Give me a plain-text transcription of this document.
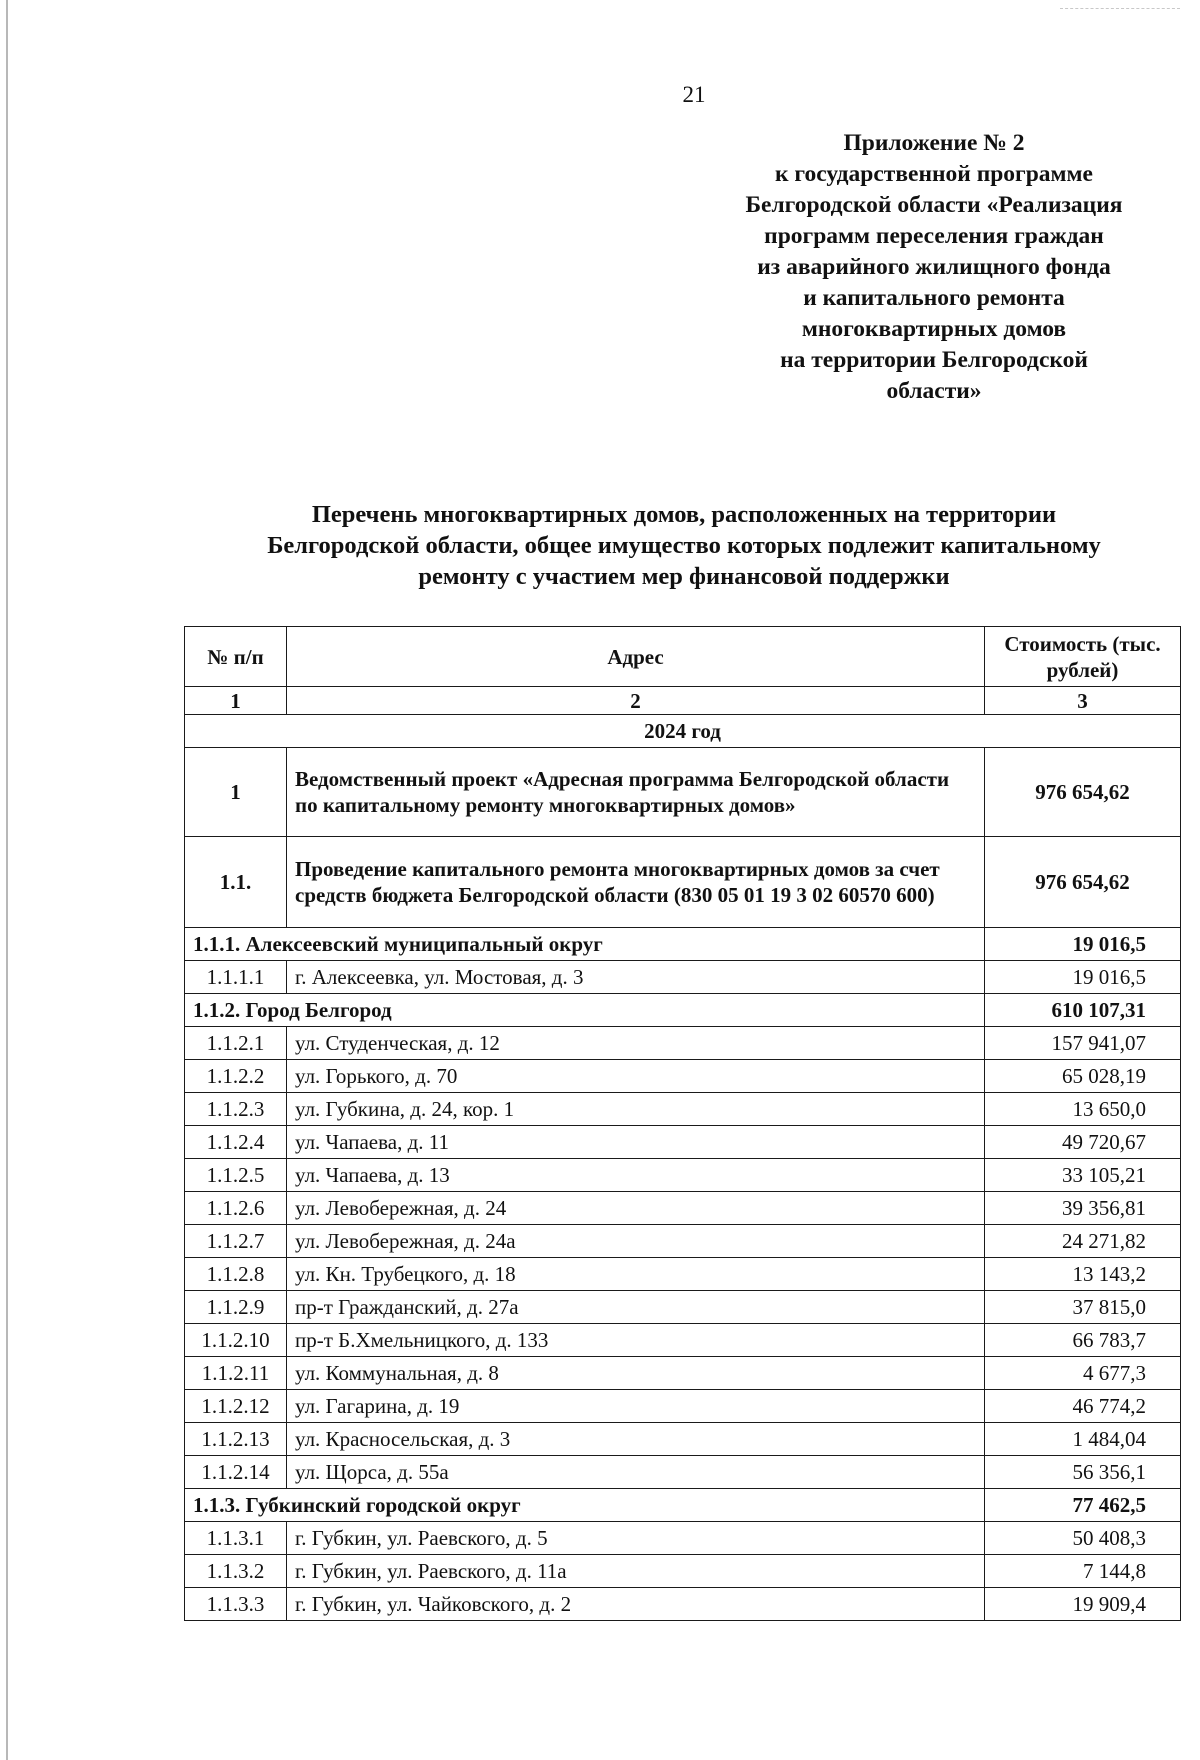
21
Приложение № 2
к государственной программе
Белгородской области «Реализация
программ переселения граждан
из аварийного жилищного фонда
и капитального ремонта
многоквартирных домов
на территории Белгородской
области»
Перечень многоквартирных домов, расположенных на территории
Белгородской области, общее имущество которых подлежит капитальному
ремонту с участием мер финансовой поддержки
№ п/п	Адрес	Стоимость (тыс. рублей)
1	2	3
2024 год		
1	Ведомственный проект «Адресная программа Белгородской области по капитальному ремонту многоквартирных домов»	976 654,62
1.1.	Проведение капитального ремонта многоквартирных домов за счет средств бюджета Белгородской области (830 05 01 19 3 02 60570 600)	976 654,62
1.1.1. Алексеевский муниципальный округ		19 016,5
1.1.1.1	г. Алексеевка, ул. Мостовая, д. 3	19 016,5
1.1.2. Город Белгород		610 107,31
1.1.2.1	ул. Студенческая, д. 12	157 941,07
1.1.2.2	ул. Горького, д. 70	65 028,19
1.1.2.3	ул. Губкина, д. 24, кор. 1	13 650,0
1.1.2.4	ул. Чапаева, д. 11	49 720,67
1.1.2.5	ул. Чапаева, д. 13	33 105,21
1.1.2.6	ул. Левобережная, д. 24	39 356,81
1.1.2.7	ул. Левобережная, д. 24а	24 271,82
1.1.2.8	ул. Кн. Трубецкого, д. 18	13 143,2
1.1.2.9	пр-т Гражданский, д. 27а	37 815,0
1.1.2.10	пр-т Б.Хмельницкого, д. 133	66 783,7
1.1.2.11	ул. Коммунальная, д. 8	4 677,3
1.1.2.12	ул. Гагарина, д. 19	46 774,2
1.1.2.13	ул. Красносельская, д. 3	1 484,04
1.1.2.14	ул. Щорса, д. 55а	56 356,1
1.1.3. Губкинский городской округ		77 462,5
1.1.3.1	г. Губкин, ул. Раевского, д. 5	50 408,3
1.1.3.2	г. Губкин, ул. Раевского, д. 11а	7 144,8
1.1.3.3	г. Губкин, ул. Чайковского, д. 2	19 909,4
